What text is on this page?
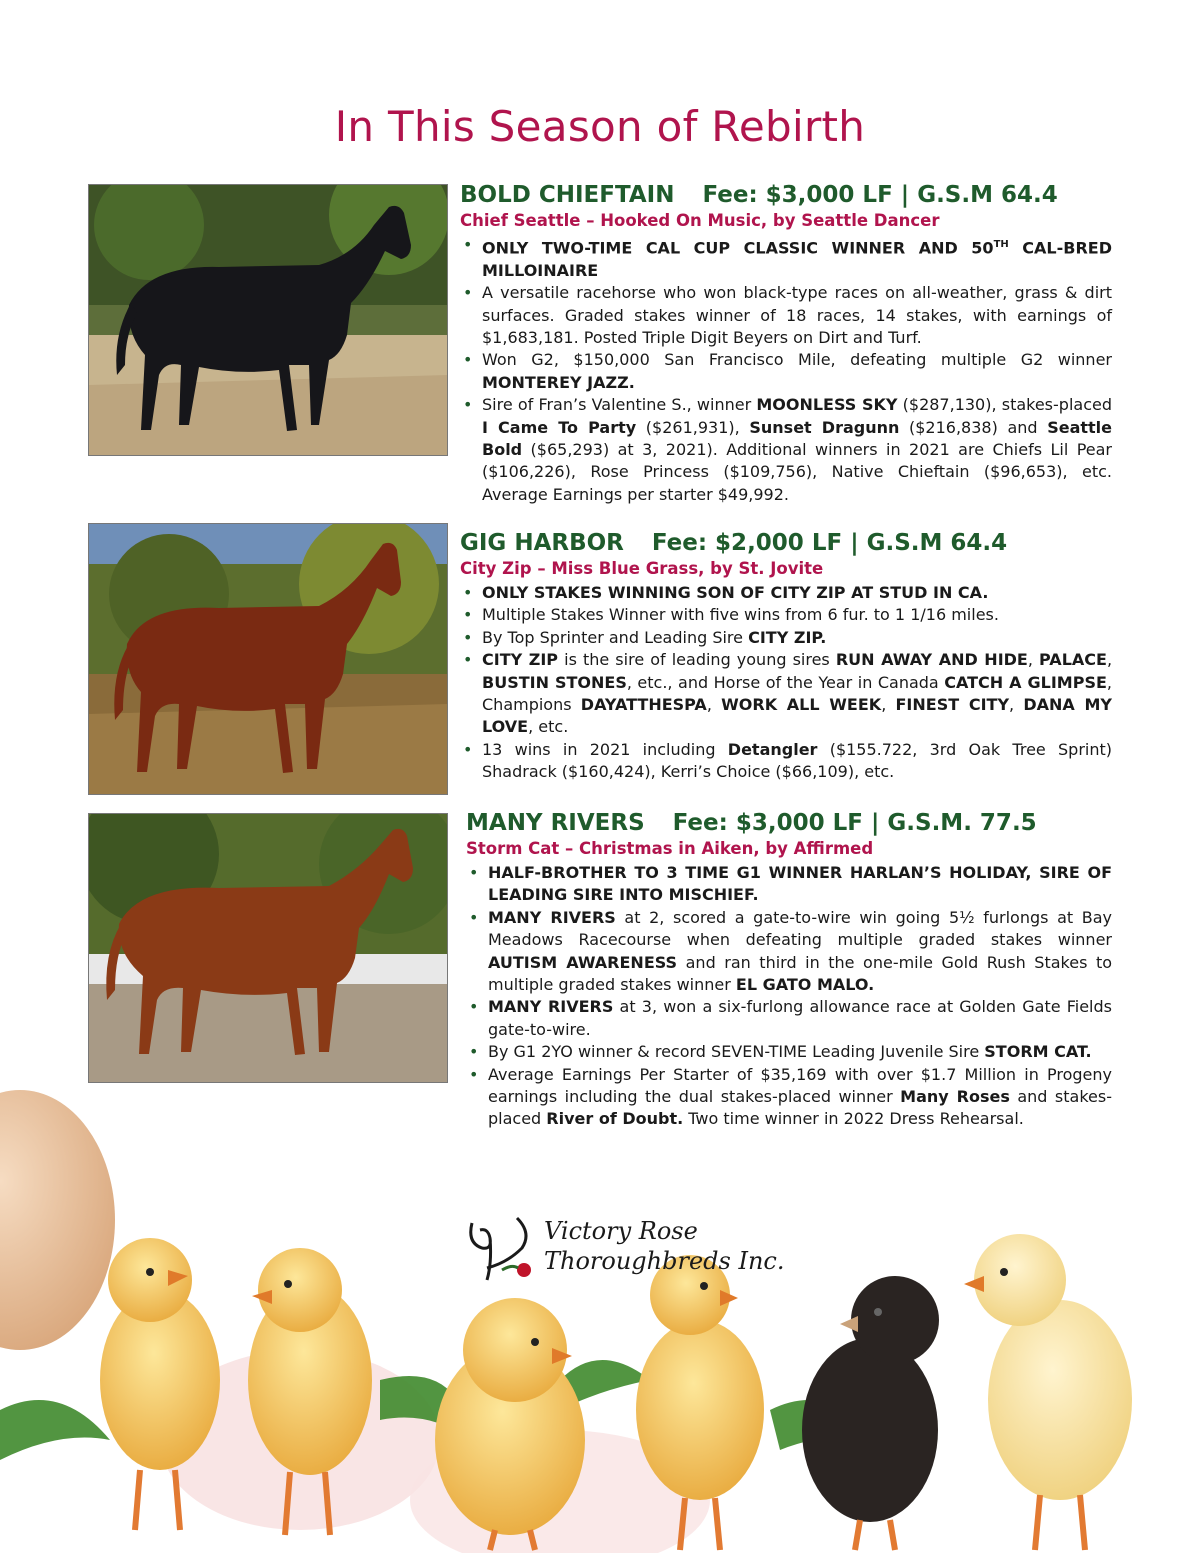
In This Season of Rebirth
BOLD CHIEFTAIN Fee: $3,000 LF | G.S.M 64.4
Chief Seattle – Hooked On Music, by Seattle Dancer
• ONLY TWO-TIME CAL CUP CLASSIC WINNER AND 50TH CAL-BRED MILLOINAIRE
• A versatile racehorse who won black-type races on all-weather, grass & dirt surfaces. Graded stakes winner of 18 races, 14 stakes, with earnings of $1,683,181. Posted Triple Digit Beyers on Dirt and Turf.
• Won G2, $150,000 San Francisco Mile, defeating multiple G2 winner MONTEREY JAZZ.
• Sire of Fran’s Valentine S., winner MOONLESS SKY ($287,130), stakes-placed I Came To Party ($261,931), Sunset Dragunn ($216,838) and Seattle Bold ($65,293) at 3, 2021). Additional winners in 2021 are Chiefs Lil Pear ($106,226), Rose Princess ($109,756), Native Chieftain ($96,653), etc. Average Earnings per starter $49,992.
GIG HARBOR Fee: $2,000 LF | G.S.M 64.4
City Zip – Miss Blue Grass, by St. Jovite
• ONLY STAKES WINNING SON OF CITY ZIP AT STUD IN CA.
• Multiple Stakes Winner with five wins from 6 fur. to 1 1/16 miles.
• By Top Sprinter and Leading Sire CITY ZIP.
• CITY ZIP is the sire of leading young sires RUN AWAY AND HIDE, PALACE, BUSTIN STONES, etc., and Horse of the Year in Canada CATCH A GLIMPSE, Champions DAYATTHESPA, WORK ALL WEEK, FINEST CITY, DANA MY LOVE, etc.
• 13 wins in 2021 including Detangler ($155.722, 3rd Oak Tree Sprint) Shadrack ($160,424), Kerri’s Choice ($66,109), etc.
MANY RIVERS Fee: $3,000 LF | G.S.M. 77.5
Storm Cat – Christmas in Aiken, by Affirmed
• HALF-BROTHER TO 3 TIME G1 WINNER HARLAN’S HOLIDAY, SIRE OF LEADING SIRE INTO MISCHIEF.
• MANY RIVERS at 2, scored a gate-to-wire win going 5½ furlongs at Bay Meadows Racecourse when defeating multiple graded stakes winner AUTISM AWARENESS and ran third in the one-mile Gold Rush Stakes to multiple graded stakes winner EL GATO MALO.
• MANY RIVERS at 3, won a six-furlong allowance race at Golden Gate Fields gate-to-wire.
• By G1 2YO winner & record SEVEN-TIME Leading Juvenile Sire STORM CAT.
• Average Earnings Per Starter of $35,169 with over $1.7 Million in Progeny earnings including the dual stakes-placed winner Many Roses and stakes-placed River of Doubt. Two time winner in 2022 Dress Rehearsal.
Victory Rose
Thoroughbreds Inc.
